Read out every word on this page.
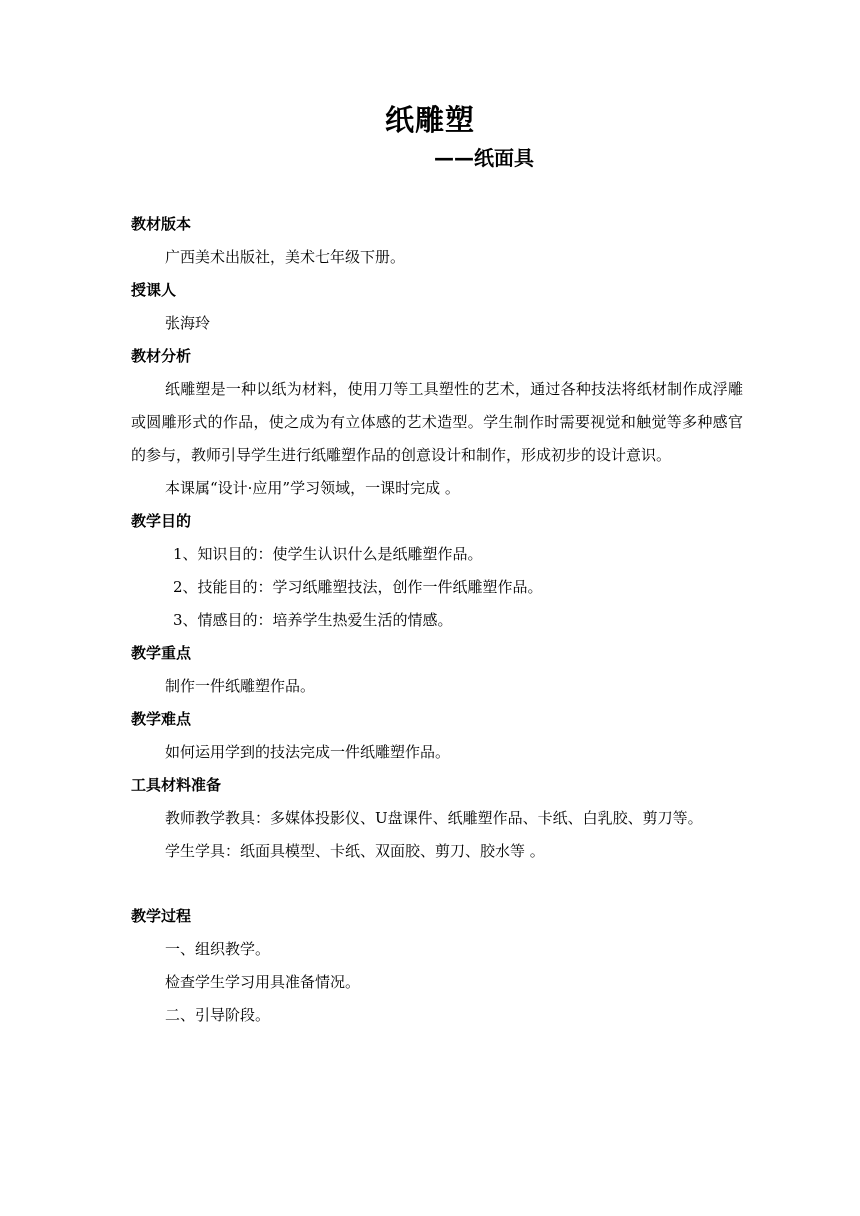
纸雕塑
——纸面具
教材版本
广西美术出版社，美术七年级下册。
授课人
张海玲
教材分析
纸雕塑是一种以纸为材料，使用刀等工具塑性的艺术，通过各种技法将纸材制作成浮雕或圆雕形式的作品，使之成为有立体感的艺术造型。学生制作时需要视觉和触觉等多种感官的参与，教师引导学生进行纸雕塑作品的创意设计和制作，形成初步的设计意识。
本课属“设计·应用”学习领域，一课时完成 。
教学目的
1、知识目的：使学生认识什么是纸雕塑作品。
2、技能目的：学习纸雕塑技法，创作一件纸雕塑作品。
3、情感目的：培养学生热爱生活的情感。
教学重点
制作一件纸雕塑作品。
教学难点
如何运用学到的技法完成一件纸雕塑作品。
工具材料准备
教师教学教具：多媒体投影仪、U盘课件、纸雕塑作品、卡纸、白乳胶、剪刀等。
学生学具：纸面具模型、卡纸、双面胶、剪刀、胶水等 。
教学过程
一、组织教学。
检查学生学习用具准备情况。
二、引导阶段。
